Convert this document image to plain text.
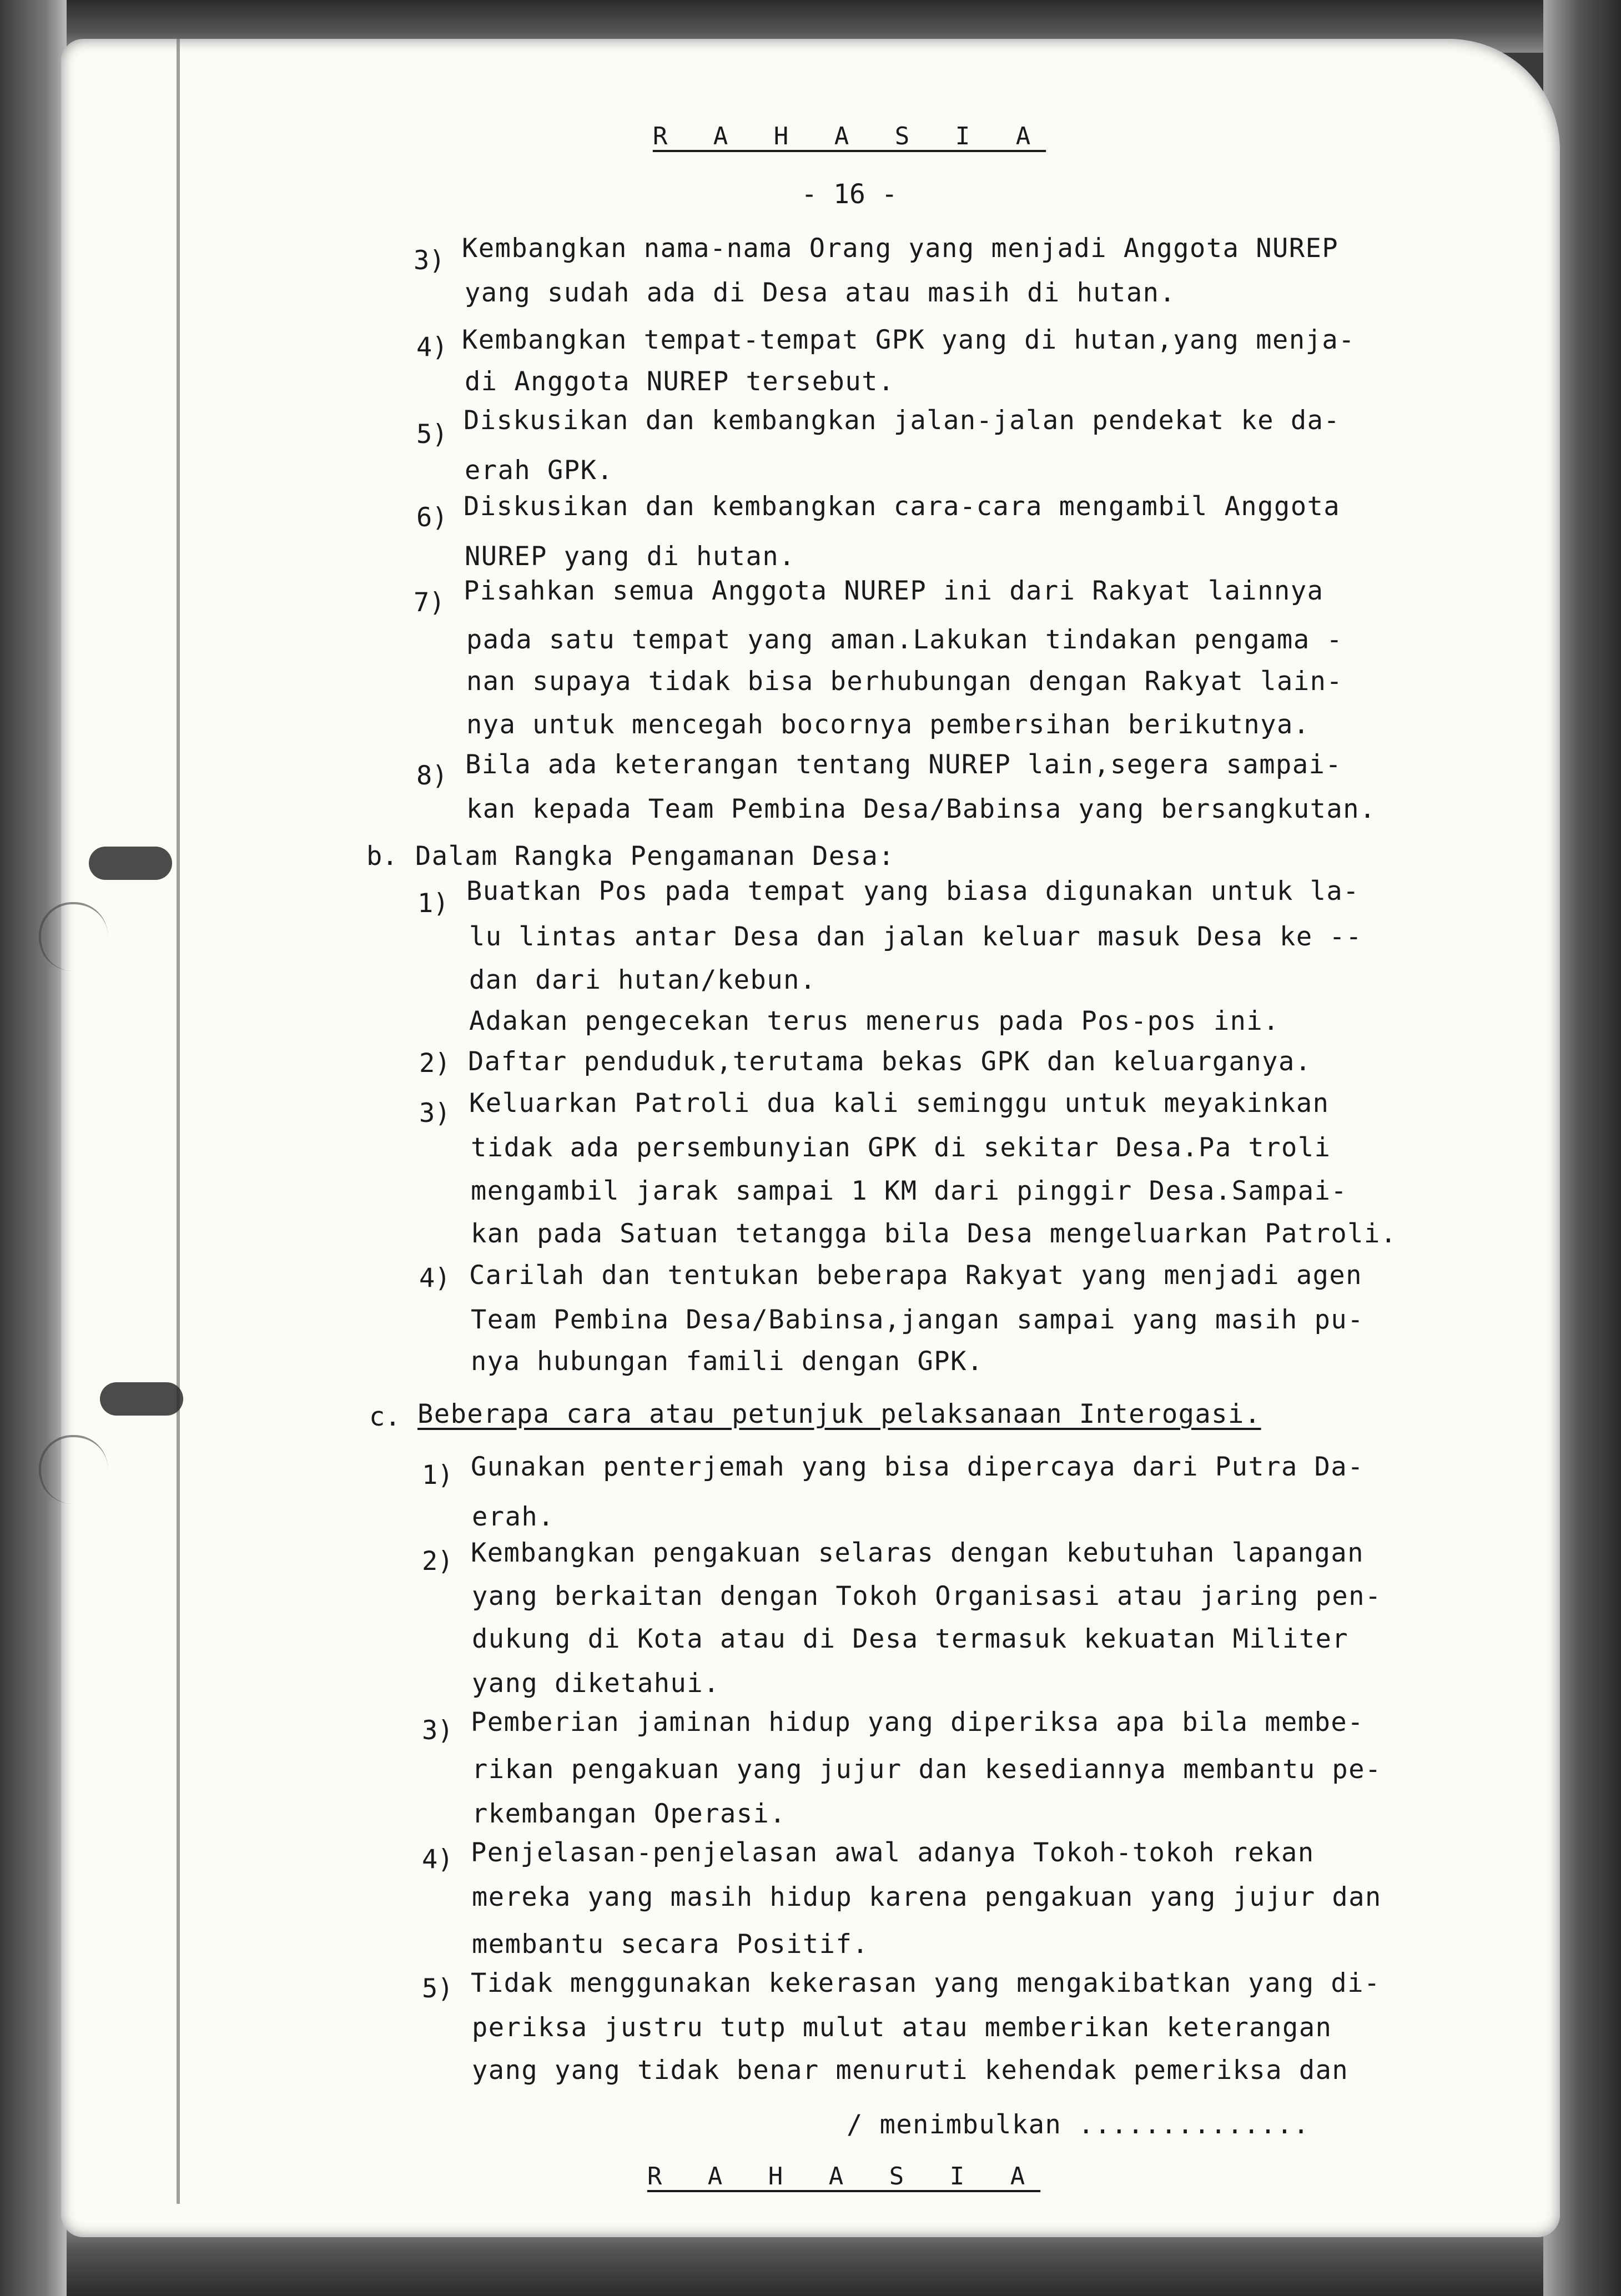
R A H A S I A
- 16 -
3) Kembangkan nama-nama Orang yang menjadi Anggota NUREP
yang sudah ada di Desa atau masih di hutan.
4) Kembangkan tempat-tempat GPK yang di hutan,yang menja-
di Anggota NUREP tersebut.
5) Diskusikan dan kembangkan jalan-jalan pendekat ke da-
erah GPK.
6) Diskusikan dan kembangkan cara-cara mengambil Anggota
NUREP yang di hutan.
7) Pisahkan semua Anggota NUREP ini dari Rakyat lainnya
pada satu tempat yang aman.Lakukan tindakan pengama -
nan supaya tidak bisa berhubungan dengan Rakyat lain-
nya untuk mencegah bocornya pembersihan berikutnya.
8) Bila ada keterangan tentang NUREP lain,segera sampai-
kan kepada Team Pembina Desa/Babinsa yang bersangkutan.
b. Dalam Rangka Pengamanan Desa:
1) Buatkan Pos pada tempat yang biasa digunakan untuk la-
lu lintas antar Desa dan jalan keluar masuk Desa ke --
dan dari hutan/kebun.
Adakan pengecekan terus menerus pada Pos-pos ini.
2) Daftar penduduk,terutama bekas GPK dan keluarganya.
3) Keluarkan Patroli dua kali seminggu untuk meyakinkan
tidak ada persembunyian GPK di sekitar Desa.Pa troli
mengambil jarak sampai 1 KM dari pinggir Desa.Sampai-
kan pada Satuan tetangga bila Desa mengeluarkan Patroli.
4) Carilah dan tentukan beberapa Rakyat yang menjadi agen
Team Pembina Desa/Babinsa,jangan sampai yang masih pu-
nya hubungan famili dengan GPK.
c. Beberapa cara atau petunjuk pelaksanaan Interogasi.
1) Gunakan penterjemah yang bisa dipercaya dari Putra Da-
erah.
2) Kembangkan pengakuan selaras dengan kebutuhan lapangan
yang berkaitan dengan Tokoh Organisasi atau jaring pen-
dukung di Kota atau di Desa termasuk kekuatan Militer
yang diketahui.
3) Pemberian jaminan hidup yang diperiksa apa bila membe-
rikan pengakuan yang jujur dan kesediannya membantu pe-
rkembangan Operasi.
4) Penjelasan-penjelasan awal adanya Tokoh-tokoh rekan
mereka yang masih hidup karena pengakuan yang jujur dan
membantu secara Positif.
5) Tidak menggunakan kekerasan yang mengakibatkan yang di-
periksa justru tutp mulut atau memberikan keterangan
yang yang tidak benar menuruti kehendak pemeriksa dan
/ menimbulkan ..............
R A H A S I A
